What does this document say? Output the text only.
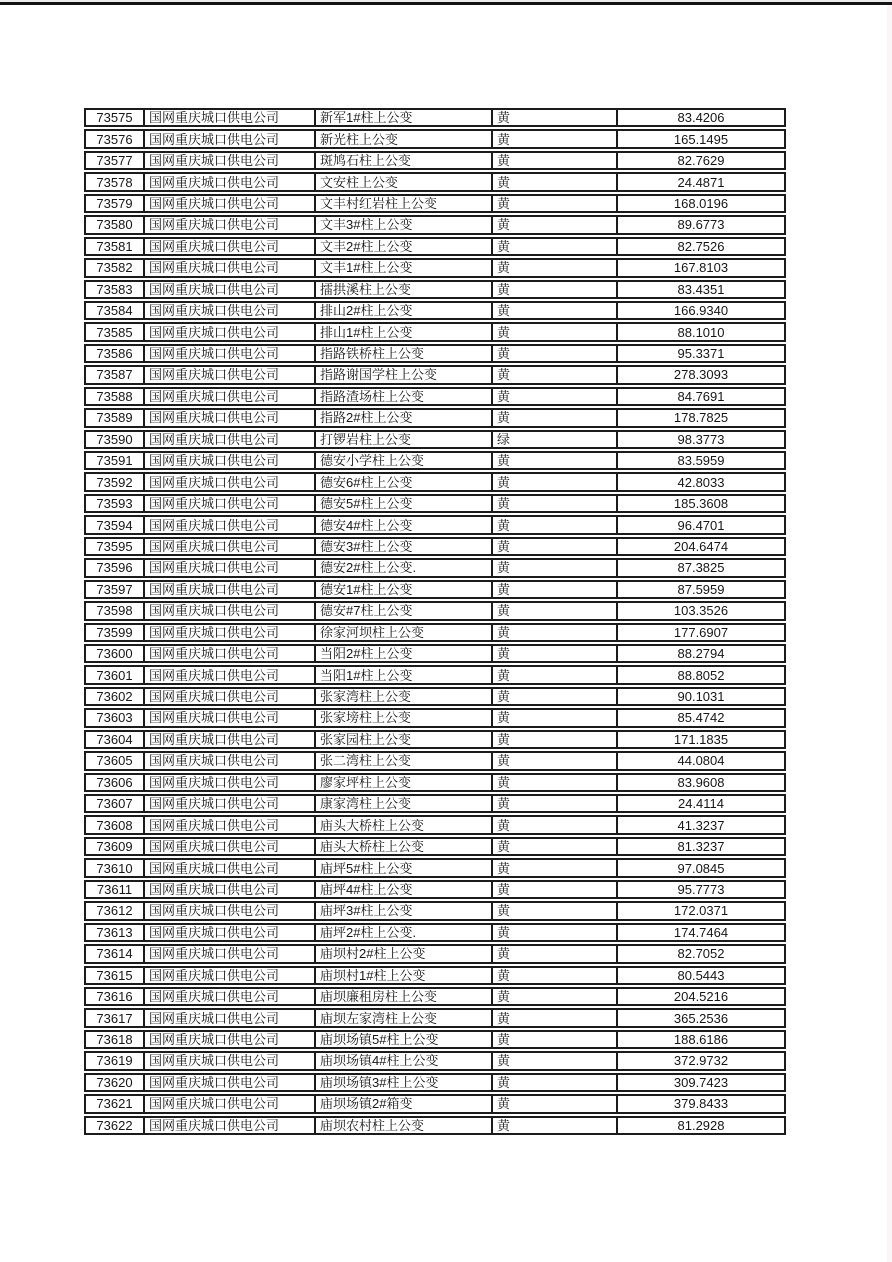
73575	国网重庆城口供电公司	新军1#柱上公变	黄	83.4206
73576	国网重庆城口供电公司	新光柱上公变	黄	165.1495
73577	国网重庆城口供电公司	斑鸠石柱上公变	黄	82.7629
73578	国网重庆城口供电公司	文安柱上公变	黄	24.4871
73579	国网重庆城口供电公司	文丰村红岩柱上公变	黄	168.0196
73580	国网重庆城口供电公司	文丰3#柱上公变	黄	89.6773
73581	国网重庆城口供电公司	文丰2#柱上公变	黄	82.7526
73582	国网重庆城口供电公司	文丰1#柱上公变	黄	167.8103
73583	国网重庆城口供电公司	擂拱溪柱上公变	黄	83.4351
73584	国网重庆城口供电公司	排山2#柱上公变	黄	166.9340
73585	国网重庆城口供电公司	排山1#柱上公变	黄	88.1010
73586	国网重庆城口供电公司	指路铁桥柱上公变	黄	95.3371
73587	国网重庆城口供电公司	指路谢国学柱上公变	黄	278.3093
73588	国网重庆城口供电公司	指路渣场柱上公变	黄	84.7691
73589	国网重庆城口供电公司	指路2#柱上公变	黄	178.7825
73590	国网重庆城口供电公司	打锣岩柱上公变	绿	98.3773
73591	国网重庆城口供电公司	德安小学柱上公变	黄	83.5959
73592	国网重庆城口供电公司	德安6#柱上公变	黄	42.8033
73593	国网重庆城口供电公司	德安5#柱上公变	黄	185.3608
73594	国网重庆城口供电公司	德安4#柱上公变	黄	96.4701
73595	国网重庆城口供电公司	德安3#柱上公变	黄	204.6474
73596	国网重庆城口供电公司	德安2#柱上公变.	黄	87.3825
73597	国网重庆城口供电公司	德安1#柱上公变	黄	87.5959
73598	国网重庆城口供电公司	德安#7柱上公变	黄	103.3526
73599	国网重庆城口供电公司	徐家河坝柱上公变	黄	177.6907
73600	国网重庆城口供电公司	当阳2#柱上公变	黄	88.2794
73601	国网重庆城口供电公司	当阳1#柱上公变	黄	88.8052
73602	国网重庆城口供电公司	张家湾柱上公变	黄	90.1031
73603	国网重庆城口供电公司	张家塝柱上公变	黄	85.4742
73604	国网重庆城口供电公司	张家园柱上公变	黄	171.1835
73605	国网重庆城口供电公司	张二湾柱上公变	黄	44.0804
73606	国网重庆城口供电公司	廖家坪柱上公变	黄	83.9608
73607	国网重庆城口供电公司	康家湾柱上公变	黄	24.4114
73608	国网重庆城口供电公司	庙头大桥柱上公变	黄	41.3237
73609	国网重庆城口供电公司	庙头大桥柱上公变	黄	81.3237
73610	国网重庆城口供电公司	庙坪5#柱上公变	黄	97.0845
73611	国网重庆城口供电公司	庙坪4#柱上公变	黄	95.7773
73612	国网重庆城口供电公司	庙坪3#柱上公变	黄	172.0371
73613	国网重庆城口供电公司	庙坪2#柱上公变.	黄	174.7464
73614	国网重庆城口供电公司	庙坝村2#柱上公变	黄	82.7052
73615	国网重庆城口供电公司	庙坝村1#柱上公变	黄	80.5443
73616	国网重庆城口供电公司	庙坝廉租房柱上公变	黄	204.5216
73617	国网重庆城口供电公司	庙坝左家湾柱上公变	黄	365.2536
73618	国网重庆城口供电公司	庙坝场镇5#柱上公变	黄	188.6186
73619	国网重庆城口供电公司	庙坝场镇4#柱上公变	黄	372.9732
73620	国网重庆城口供电公司	庙坝场镇3#柱上公变	黄	309.7423
73621	国网重庆城口供电公司	庙坝场镇2#箱变	黄	379.8433
73622	国网重庆城口供电公司	庙坝农村柱上公变	黄	81.2928
